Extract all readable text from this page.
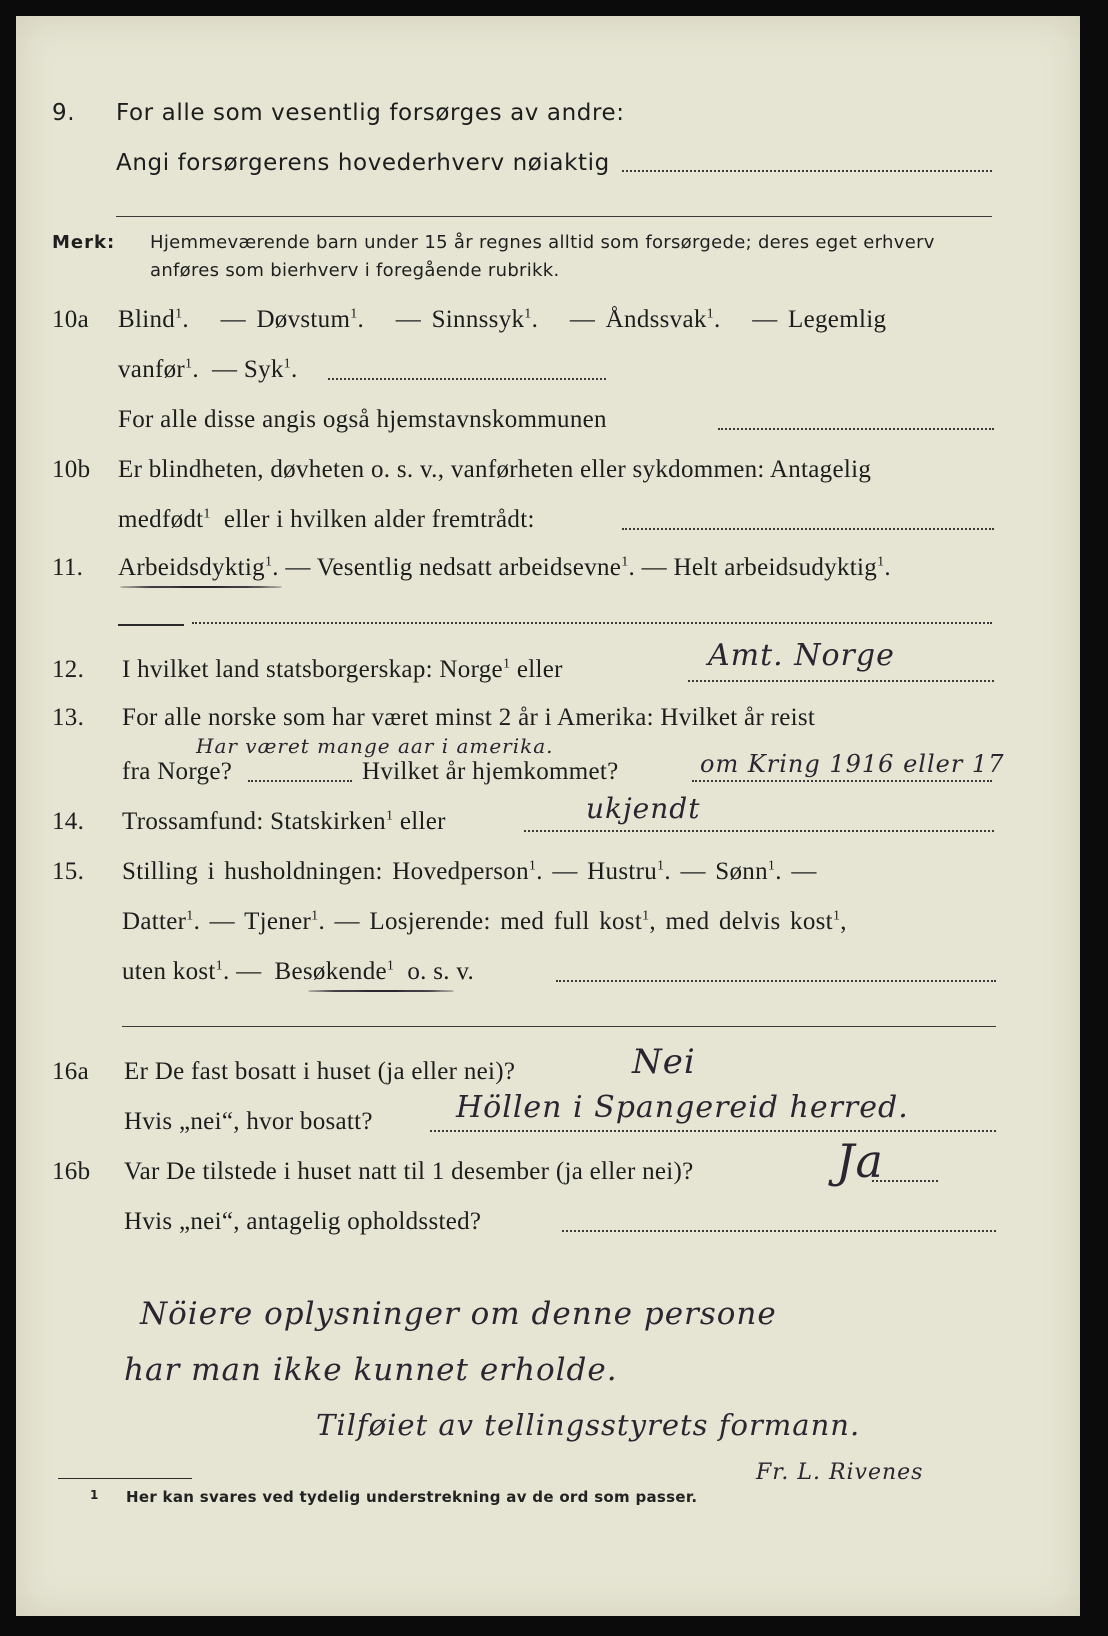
9. For alle som vesentlig forsørges av andre:
Angi forsørgerens hovederhverv nøiaktig
Merk: Hjemmeværende barn under 15 år regnes alltid som forsørgede; deres eget erhverv
anføres som bierhverv i foregående rubrikk.
10a Blind$^1$.   — Døvstum$^1$.   — Sinnssyk$^1$.   — Åndssvak$^1$.   — Legemlig
vanfør$^1$.  — Syk$^1$.
For alle disse angis også hjemstavnskommunen
10b Er blindheten, døvheten o. s. v., vanførheten eller sykdommen: Antagelig
medfødt$^1$ eller i hvilken alder fremtrådt:
11. Arbeidsdyktig$^1$. — Vesentlig nedsatt arbeidsevne$^1$. — Helt arbeidsudyktig$^1$.
12. I hvilket land statsborgerskap: Norge$^1$ eller	Amt. Norge
13. For alle norske som har været minst 2 år i Amerika: Hvilket år reist
Har været mange aar i amerika.
fra Norge?	Hvilket år hjemkommet?	om Kring 1916 eller 17
14. Trossamfund: Statskirken$^1$ eller	ukjendt
15. Stilling i husholdningen: Hovedperson$^1$. — Hustru$^1$. — Sønn$^1$. —
Datter$^1$. — Tjener$^1$. — Losjerende: med full kost$^1$, med delvis kost$^1$,
uten kost$^1$. — Besøkende$^1$ o. s. v.
16a Er De fast bosatt i huset (ja eller nei)?	Nei
Hvis „nei“, hvor bosatt?	Höllen i Spangereid herred.
16b Var De tilstede i huset natt til 1 desember (ja eller nei)?	Ja
Hvis „nei“, antagelig opholdssted?
Nöiere oplysninger om denne persone
har man ikke kunnet erholde.
Tilføiet av tellingsstyrets formann.
Fr. L. Rivenes
1 Her kan svares ved tydelig understrekning av de ord som passer.
